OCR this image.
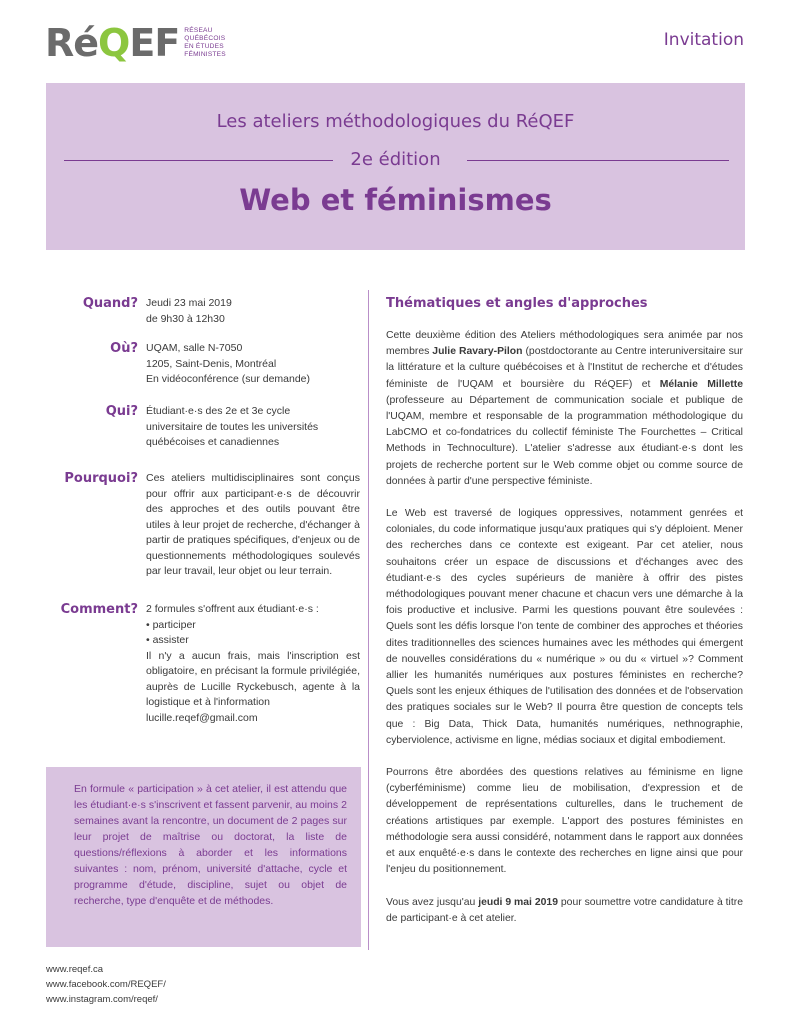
RéQEF RÉSEAU
QUÉBÉCOIS
EN ÉTUDES
FÉMINISTES
Invitation
Les ateliers méthodologiques du RéQEF
2e édition
Web et féminismes
Quand? Jeudi 23 mai 2019
de 9h30 à 12h30
Où? UQAM, salle N-7050
1205, Saint-Denis, Montréal
En vidéoconférence (sur demande)
Qui? Étudiant·e·s des 2e et 3e cycle
universitaire de toutes les universités
québécoises et canadiennes
Pourquoi? Ces ateliers multidisciplinaires sont conçus pour offrir aux participant·e·s de découvrir des approches et des outils pouvant être utiles à leur projet de recherche, d'échanger à partir de pratiques spécifiques, d'enjeux ou de questionnements méthodologiques soulevés par leur travail, leur objet ou leur terrain.
Comment? 2 formules s'offrent aux étudiant·e·s :
• participer
• assister
Il n'y a aucun frais, mais l'inscription est obligatoire, en précisant la formule privilégiée, auprès de Lucille Ryckebusch, agente à la logistique et à l'information
lucille.reqef@gmail.com
En formule « participation » à cet atelier, il est attendu que les étudiant·e·s s'inscrivent et fassent parvenir, au moins 2 semaines avant la rencontre, un document de 2 pages sur leur projet de maîtrise ou doctorat, la liste de questions/réflexions à aborder et les informations suivantes : nom, prénom, université d'attache, cycle et programme d'étude, discipline, sujet ou objet de recherche, type d'enquête et de méthodes.
www.reqef.ca
www.facebook.com/REQEF/
www.instagram.com/reqef/
Thématiques et angles d'approches
Cette deuxième édition des Ateliers méthodologiques sera animée par nos membres Julie Ravary-Pilon (postdoctorante au Centre interuniversitaire sur la littérature et la culture québécoises et à l'Institut de recherche et d'études féministe de l'UQAM et boursière du RéQEF) et Mélanie Millette (professeure au Département de communication sociale et publique de l'UQAM, membre et responsable de la programmation méthodologique du LabCMO et co-fondatrices du collectif féministe The Fourchettes – Critical Methods in Technoculture). L'atelier s'adresse aux étudiant·e·s dont les projets de recherche portent sur le Web comme objet ou comme source de données à partir d'une perspective féministe.
Le Web est traversé de logiques oppressives, notamment genrées et coloniales, du code informatique jusqu'aux pratiques qui s'y déploient. Mener des recherches dans ce contexte est exigeant. Par cet atelier, nous souhaitons créer un espace de discussions et d'échanges avec des étudiant·e·s des cycles supérieurs de manière à offrir des pistes méthodologiques pouvant mener chacune et chacun vers une démarche à la fois productive et inclusive. Parmi les questions pouvant être soulevées : Quels sont les défis lorsque l'on tente de combiner des approches et théories dites traditionnelles des sciences humaines avec les méthodes qui émergent de nouvelles considérations du « numérique » ou du « virtuel »? Comment allier les humanités numériques aux postures féministes en recherche? Quels sont les enjeux éthiques de l'utilisation des données et de l'observation des pratiques sociales sur le Web? Il pourra être question de concepts tels que : Big Data, Thick Data, humanités numériques, nethnographie, cyberviolence, activisme en ligne, médias sociaux et digital embodiement.
Pourrons être abordées des questions relatives au féminisme en ligne (cyberféminisme) comme lieu de mobilisation, d'expression et de développement de représentations culturelles, dans le truchement de créations artistiques par exemple. L'apport des postures féministes en méthodologie sera aussi considéré, notamment dans le rapport aux données et aux enquêté·e·s dans le contexte des recherches en ligne ainsi que pour l'enjeu du positionnement.
Vous avez jusqu'au jeudi 9 mai 2019 pour soumettre votre candidature à titre de participant·e à cet atelier.
